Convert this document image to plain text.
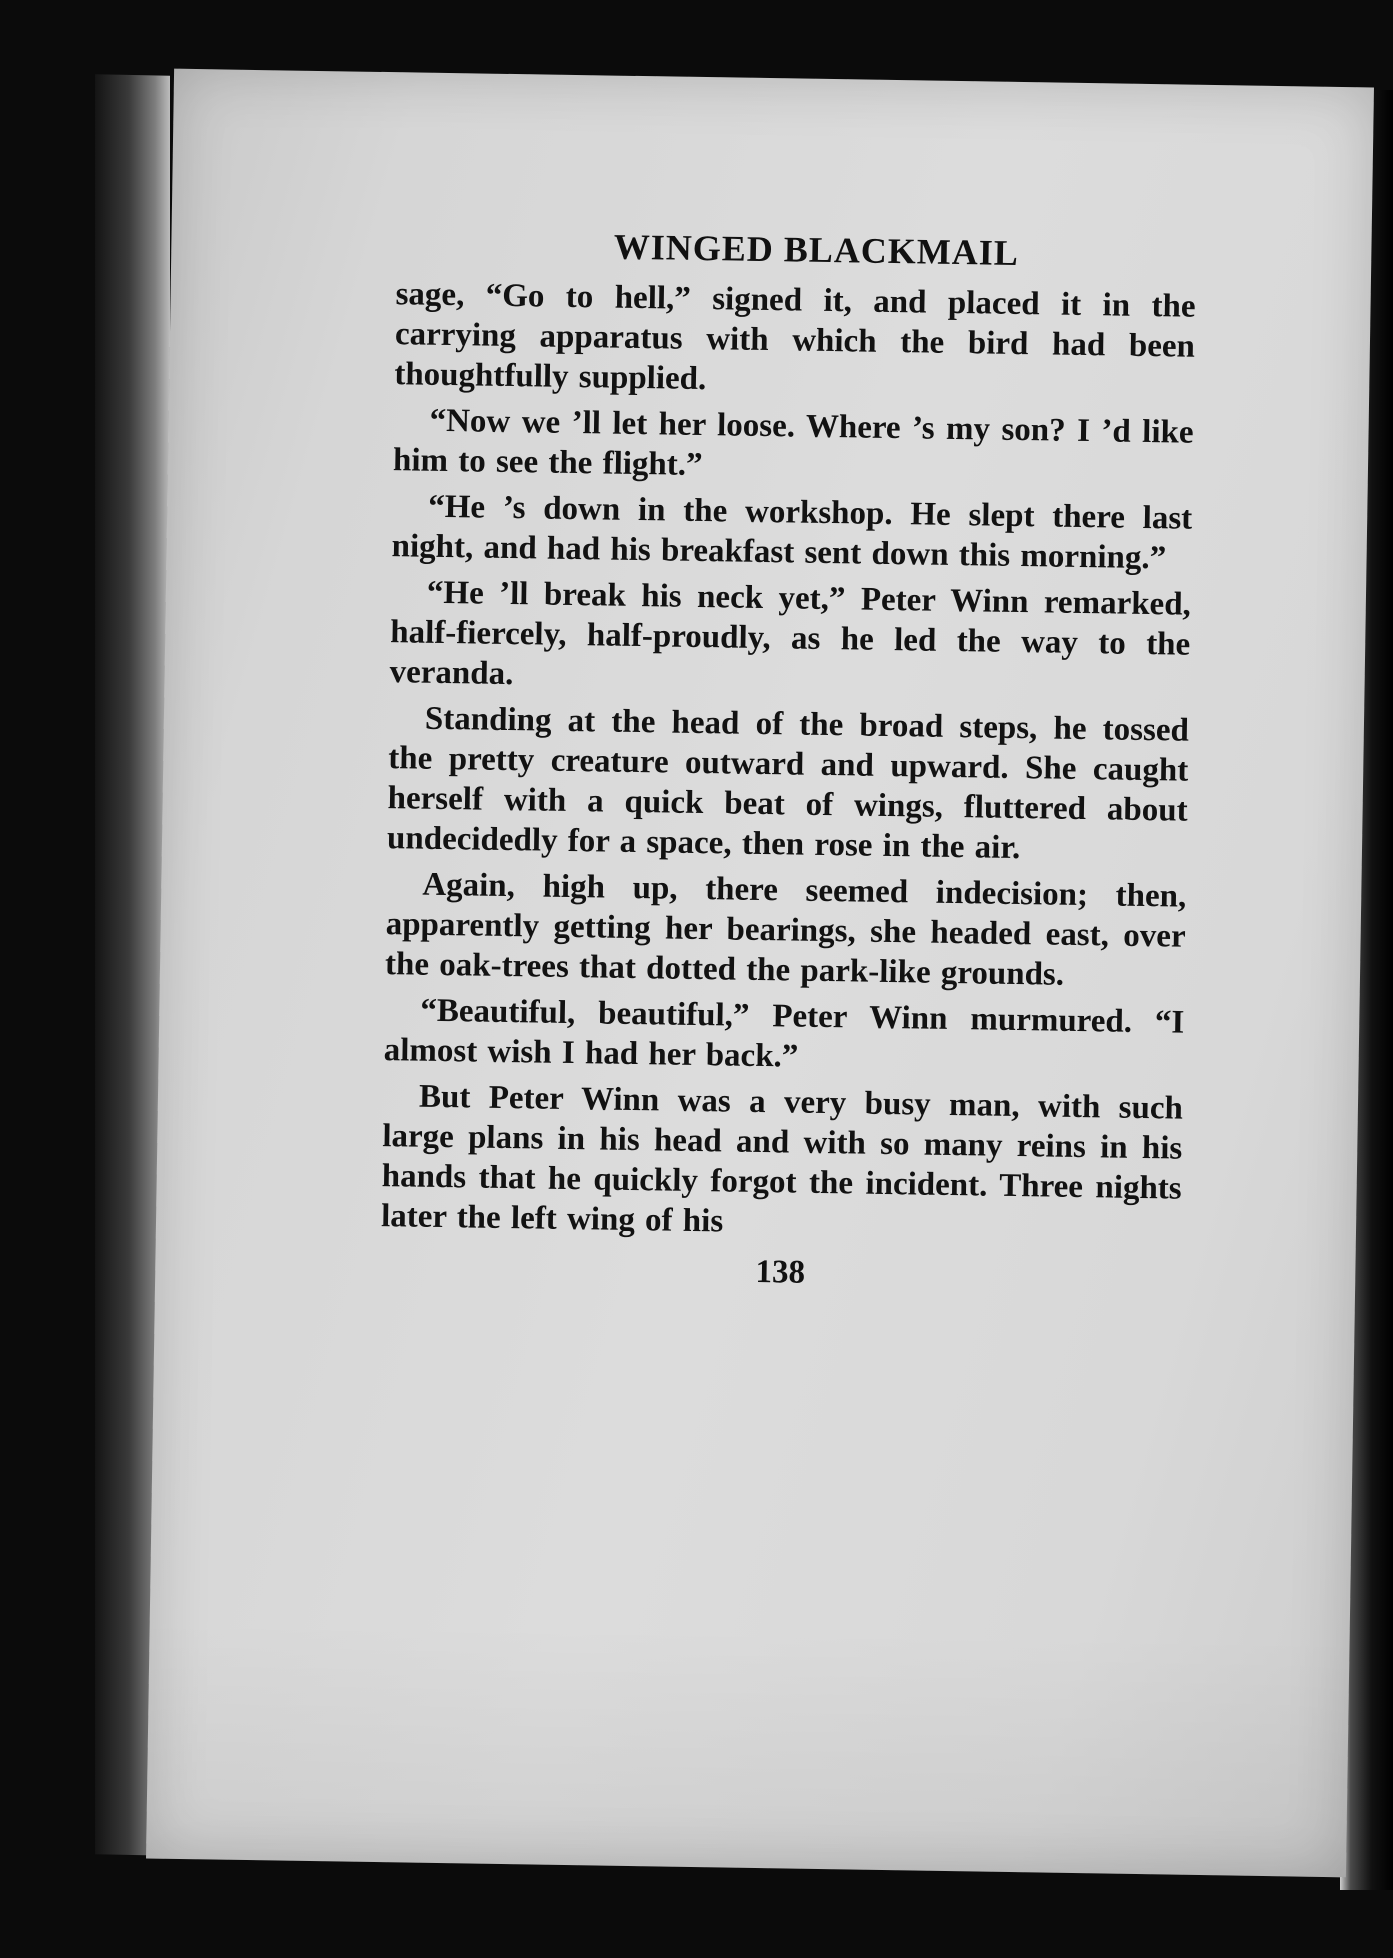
WINGED BLACKMAIL

sage, “Go to hell,” signed it, and placed it in the carrying apparatus with which the bird had been thoughtfully supplied.

“Now we ’ll let her loose. Where ’s my son? I ’d like him to see the flight.”

“He ’s down in the workshop. He slept there last night, and had his breakfast sent down this morning.”

“He ’ll break his neck yet,” Peter Winn remarked, half-fiercely, half-proudly, as he led the way to the veranda.

Standing at the head of the broad steps, he tossed the pretty creature outward and upward. She caught herself with a quick beat of wings, fluttered about undecidedly for a space, then rose in the air.

Again, high up, there seemed indecision; then, apparently getting her bearings, she headed east, over the oak-trees that dotted the park-like grounds.

“Beautiful, beautiful,” Peter Winn murmured. “I almost wish I had her back.”

But Peter Winn was a very busy man, with such large plans in his head and with so many reins in his hands that he quickly forgot the incident. Three nights later the left wing of his

138
